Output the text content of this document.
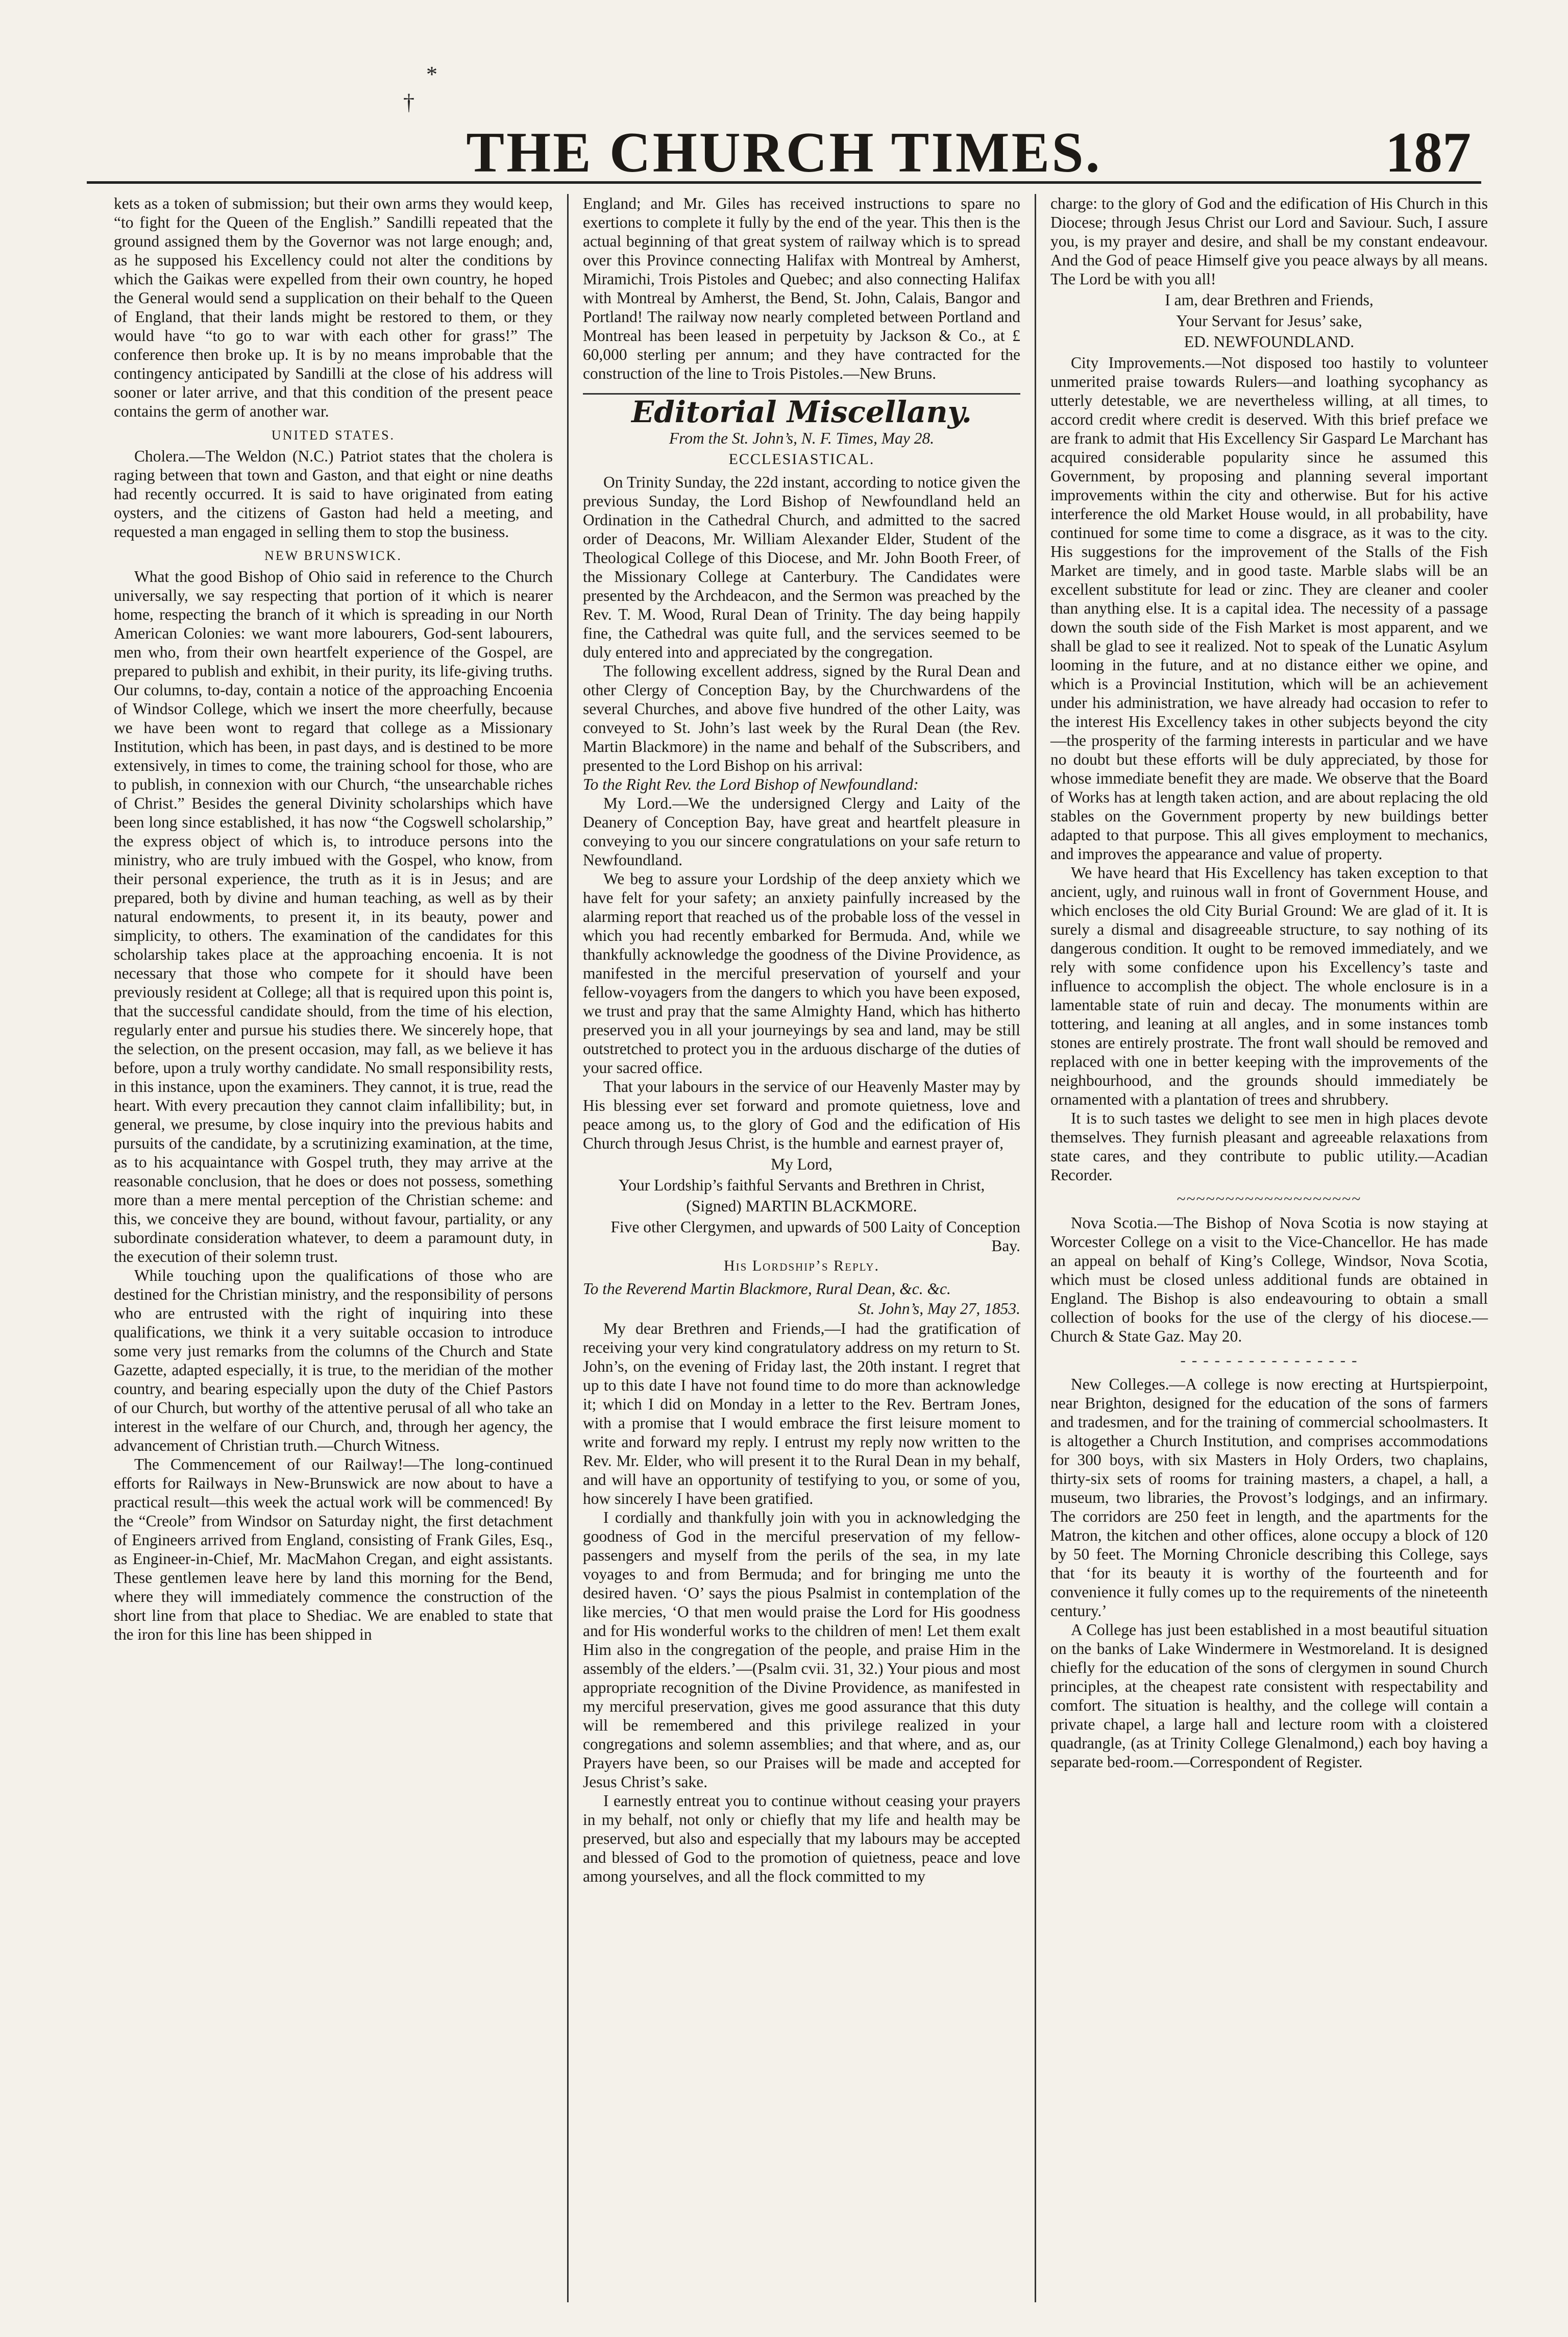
*
†
THE CHURCH TIMES.	187

kets as a token of submission; but their own arms they would keep, “to fight for the Queen of the English.” Sandilli repeated that the ground assigned them by the Governor was not large enough; and, as he supposed his Excellency could not alter the conditions by which the Gaikas were expelled from their own country, he hoped the General would send a supplication on their behalf to the Queen of England, that their lands might be restored to them, or they would have “to go to war with each other for grass!” The conference then broke up. It is by no means improbable that the contingency anticipated by Sandilli at the close of his address will sooner or later arrive, and that this condition of the present peace contains the germ of another war.

UNITED STATES.

Cholera.—The Weldon (N.C.) Patriot states that the cholera is raging between that town and Gaston, and that eight or nine deaths had recently occurred. It is said to have originated from eating oysters, and the citizens of Gaston had held a meeting, and requested a man engaged in selling them to stop the business.

NEW BRUNSWICK.

What the good Bishop of Ohio said in reference to the Church universally, we say respecting that portion of it which is nearer home, respecting the branch of it which is spreading in our North American Colonies: we want more labourers, God-sent labourers, men who, from their own heartfelt experience of the Gospel, are prepared to publish and exhibit, in their purity, its life-giving truths. Our columns, to-day, contain a notice of the approaching Encoenia of Windsor College, which we insert the more cheerfully, because we have been wont to regard that college as a Missionary Institution, which has been, in past days, and is destined to be more extensively, in times to come, the training school for those, who are to publish, in connexion with our Church, “the unsearchable riches of Christ.” Besides the general Divinity scholarships which have been long since established, it has now “the Cogswell scholarship,” the express object of which is, to introduce persons into the ministry, who are truly imbued with the Gospel, who know, from their personal experience, the truth as it is in Jesus; and are prepared, both by divine and human teaching, as well as by their natural endowments, to present it, in its beauty, power and simplicity, to others. The examination of the candidates for this scholarship takes place at the approaching encoenia. It is not necessary that those who compete for it should have been previously resident at College; all that is required upon this point is, that the successful candidate should, from the time of his election, regularly enter and pursue his studies there. We sincerely hope, that the selection, on the present occasion, may fall, as we believe it has before, upon a truly worthy candidate. No small responsibility rests, in this instance, upon the examiners. They cannot, it is true, read the heart. With every precaution they cannot claim infallibility; but, in general, we presume, by close inquiry into the previous habits and pursuits of the candidate, by a scrutinizing examination, at the time, as to his acquaintance with Gospel truth, they may arrive at the reasonable conclusion, that he does or does not possess, something more than a mere mental perception of the Christian scheme: and this, we conceive they are bound, without favour, partiality, or any subordinate consideration whatever, to deem a paramount duty, in the execution of their solemn trust.

While touching upon the qualifications of those who are destined for the Christian ministry, and the responsibility of persons who are entrusted with the right of inquiring into these qualifications, we think it a very suitable occasion to introduce some very just remarks from the columns of the Church and State Gazette, adapted especially, it is true, to the meridian of the mother country, and bearing especially upon the duty of the Chief Pastors of our Church, but worthy of the attentive perusal of all who take an interest in the welfare of our Church, and, through her agency, the advancement of Christian truth.—Church Witness.

The Commencement of our Railway!—The long-continued efforts for Railways in New-Brunswick are now about to have a practical result—this week the actual work will be commenced! By the “Creole” from Windsor on Saturday night, the first detachment of Engineers arrived from England, consisting of Frank Giles, Esq., as Engineer-in-Chief, Mr. MacMahon Cregan, and eight assistants. These gentlemen leave here by land this morning for the Bend, where they will immediately commence the construction of the short line from that place to Shediac. We are enabled to state that the iron for this line has been shipped in

England; and Mr. Giles has received instructions to spare no exertions to complete it fully by the end of the year. This then is the actual beginning of that great system of railway which is to spread over this Province connecting Halifax with Montreal by Amherst, Miramichi, Trois Pistoles and Quebec; and also connecting Halifax with Montreal by Amherst, the Bend, St. John, Calais, Bangor and Portland! The railway now nearly completed between Portland and Montreal has been leased in perpetuity by Jackson & Co., at £ 60,000 sterling per annum; and they have contracted for the construction of the line to Trois Pistoles.—New Bruns.

Editorial Miscellany.
From the St. John’s, N. F. Times, May 28.
ECCLESIASTICAL.

On Trinity Sunday, the 22d instant, according to notice given the previous Sunday, the Lord Bishop of Newfoundland held an Ordination in the Cathedral Church, and admitted to the sacred order of Deacons, Mr. William Alexander Elder, Student of the Theological College of this Diocese, and Mr. John Booth Freer, of the Missionary College at Canterbury. The Candidates were presented by the Archdeacon, and the Sermon was preached by the Rev. T. M. Wood, Rural Dean of Trinity. The day being happily fine, the Cathedral was quite full, and the services seemed to be duly entered into and appreciated by the congregation.

The following excellent address, signed by the Rural Dean and other Clergy of Conception Bay, by the Churchwardens of the several Churches, and above five hundred of the other Laity, was conveyed to St. John’s last week by the Rural Dean (the Rev. Martin Blackmore) in the name and behalf of the Subscribers, and presented to the Lord Bishop on his arrival:

To the Right Rev. the Lord Bishop of Newfoundland:

My Lord.—We the undersigned Clergy and Laity of the Deanery of Conception Bay, have great and heartfelt pleasure in conveying to you our sincere congratulations on your safe return to Newfoundland.

We beg to assure your Lordship of the deep anxiety which we have felt for your safety; an anxiety painfully increased by the alarming report that reached us of the probable loss of the vessel in which you had recently embarked for Bermuda. And, while we thankfully acknowledge the goodness of the Divine Providence, as manifested in the merciful preservation of yourself and your fellow-voyagers from the dangers to which you have been exposed, we trust and pray that the same Almighty Hand, which has hitherto preserved you in all your journeyings by sea and land, may be still outstretched to protect you in the arduous discharge of the duties of your sacred office.

That your labours in the service of our Heavenly Master may by His blessing ever set forward and promote quietness, love and peace among us, to the glory of God and the edification of His Church through Jesus Christ, is the humble and earnest prayer of,

My Lord,
Your Lordship’s faithful Servants and Brethren in Christ,
(Signed) MARTIN BLACKMORE.
Five other Clergymen, and upwards of 500 Laity of Conception Bay.
His Lordship’s Reply.

To the Reverend Martin Blackmore, Rural Dean, &c. &c.

St. John’s, May 27, 1853.

My dear Brethren and Friends,—I had the gratification of receiving your very kind congratulatory address on my return to St. John’s, on the evening of Friday last, the 20th instant. I regret that up to this date I have not found time to do more than acknowledge it; which I did on Monday in a letter to the Rev. Bertram Jones, with a promise that I would embrace the first leisure moment to write and forward my reply. I entrust my reply now written to the Rev. Mr. Elder, who will present it to the Rural Dean in my behalf, and will have an opportunity of testifying to you, or some of you, how sincerely I have been gratified.

I cordially and thankfully join with you in acknowledging the goodness of God in the merciful preservation of my fellow-passengers and myself from the perils of the sea, in my late voyages to and from Bermuda; and for bringing me unto the desired haven. ‘O’ says the pious Psalmist in contemplation of the like mercies, ‘O that men would praise the Lord for His goodness and for His wonderful works to the children of men! Let them exalt Him also in the congregation of the people, and praise Him in the assembly of the elders.’—(Psalm cvii. 31, 32.) Your pious and most appropriate recognition of the Divine Providence, as manifested in my merciful preservation, gives me good assurance that this duty will be remembered and this privilege realized in your congregations and solemn assemblies; and that where, and as, our Prayers have been, so our Praises will be made and accepted for Jesus Christ’s sake.

I earnestly entreat you to continue without ceasing your prayers in my behalf, not only or chiefly that my life and health may be preserved, but also and especially that my labours may be accepted and blessed of God to the promotion of quietness, peace and love among yourselves, and all the flock committed to my

charge: to the glory of God and the edification of His Church in this Diocese; through Jesus Christ our Lord and Saviour. Such, I assure you, is my prayer and desire, and shall be my constant endeavour. And the God of peace Himself give you peace always by all means. The Lord be with you all!

I am, dear Brethren and Friends,
Your Servant for Jesus’ sake,
ED. NEWFOUNDLAND.

City Improvements.—Not disposed too hastily to volunteer unmerited praise towards Rulers—and loathing sycophancy as utterly detestable, we are nevertheless willing, at all times, to accord credit where credit is deserved. With this brief preface we are frank to admit that His Excellency Sir Gaspard Le Marchant has acquired considerable popularity since he assumed this Government, by proposing and planning several important improvements within the city and otherwise. But for his active interference the old Market House would, in all probability, have continued for some time to come a disgrace, as it was to the city. His suggestions for the improvement of the Stalls of the Fish Market are timely, and in good taste. Marble slabs will be an excellent substitute for lead or zinc. They are cleaner and cooler than anything else. It is a capital idea. The necessity of a passage down the south side of the Fish Market is most apparent, and we shall be glad to see it realized. Not to speak of the Lunatic Asylum looming in the future, and at no distance either we opine, and which is a Provincial Institution, which will be an achievement under his administration, we have already had occasion to refer to the interest His Excellency takes in other subjects beyond the city—the prosperity of the farming interests in particular and we have no doubt but these efforts will be duly appreciated, by those for whose immediate benefit they are made. We observe that the Board of Works has at length taken action, and are about replacing the old stables on the Government property by new buildings better adapted to that purpose. This all gives employment to mechanics, and improves the appearance and value of property.

We have heard that His Excellency has taken exception to that ancient, ugly, and ruinous wall in front of Government House, and which encloses the old City Burial Ground: We are glad of it. It is surely a dismal and disagreeable structure, to say nothing of its dangerous condition. It ought to be removed immediately, and we rely with some confidence upon his Excellency’s taste and influence to accomplish the object. The whole enclosure is in a lamentable state of ruin and decay. The monuments within are tottering, and leaning at all angles, and in some instances tomb stones are entirely prostrate. The front wall should be removed and replaced with one in better keeping with the improvements of the neighbourhood, and the grounds should immediately be ornamented with a plantation of trees and shrubbery.

It is to such tastes we delight to see men in high places devote themselves. They furnish pleasant and agreeable relaxations from state cares, and they contribute to public utility.—Acadian Recorder.

~~~~~~~~~~~~~~~~~~~

Nova Scotia.—The Bishop of Nova Scotia is now staying at Worcester College on a visit to the Vice-Chancellor. He has made an appeal on behalf of King’s College, Windsor, Nova Scotia, which must be closed unless additional funds are obtained in England. The Bishop is also endeavouring to obtain a small collection of books for the use of the clergy of his diocese.—Church & State Gaz. May 20.

- - - - - - - - - - - - - - - -

New Colleges.—A college is now erecting at Hurtspierpoint, near Brighton, designed for the education of the sons of farmers and tradesmen, and for the training of commercial schoolmasters. It is altogether a Church Institution, and comprises accommodations for 300 boys, with six Masters in Holy Orders, two chaplains, thirty-six sets of rooms for training masters, a chapel, a hall, a museum, two libraries, the Provost’s lodgings, and an infirmary. The corridors are 250 feet in length, and the apartments for the Matron, the kitchen and other offices, alone occupy a block of 120 by 50 feet. The Morning Chronicle describing this College, says that ‘for its beauty it is worthy of the fourteenth and for convenience it fully comes up to the requirements of the nineteenth century.’

A College has just been established in a most beautiful situation on the banks of Lake Windermere in Westmoreland. It is designed chiefly for the education of the sons of clergymen in sound Church principles, at the cheapest rate consistent with respectability and comfort. The situation is healthy, and the college will contain a private chapel, a large hall and lecture room with a cloistered quadrangle, (as at Trinity College Glenalmond,) each boy having a separate bed-room.—Correspondent of Register.
